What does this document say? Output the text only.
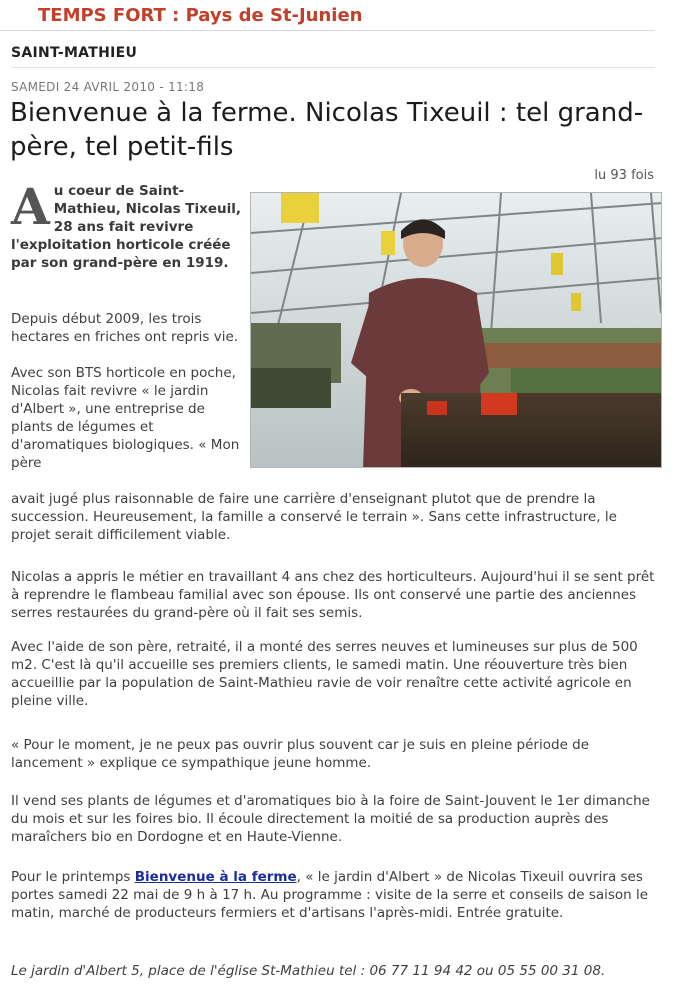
TEMPS FORT : Pays de St-Junien
SAINT-MATHIEU
SAMEDI 24 AVRIL 2010 - 11:18
Bienvenue à la ferme. Nicolas Tixeuil : tel grand-père, tel petit-fils
lu 93 fois
A u coeur de Saint-Mathieu, Nicolas Tixeuil, 28 ans fait revivre l'exploitation horticole créée par son grand-père en 1919.

Depuis début 2009, les trois hectares en friches ont repris vie.

Avec son BTS horticole en poche, Nicolas fait revivre « le jardin d'Albert », une entreprise de plants de légumes et d'aromatiques biologiques. « Mon père

avait jugé plus raisonnable de faire une carrière d'enseignant plutot que de prendre la succession. Heureusement, la famille a conservé le terrain ». Sans cette infrastructure, le projet serait difficilement viable.

Nicolas a appris le métier en travaillant 4 ans chez des horticulteurs. Aujourd'hui il se sent prêt à reprendre le flambeau familial avec son épouse. Ils ont conservé une partie des anciennes serres restaurées du grand-père où il fait ses semis.

Avec l'aide de son père, retraité, il a monté des serres neuves et lumineuses sur plus de 500 m2. C'est là qu'il accueille ses premiers clients, le samedi matin. Une réouverture très bien accueillie par la population de Saint-Mathieu ravie de voir renaître cette activité agricole en pleine ville.

« Pour le moment, je ne peux pas ouvrir plus souvent car je suis en pleine période de lancement » explique ce sympathique jeune homme.

Il vend ses plants de légumes et d'aromatiques bio à la foire de Saint-Jouvent le 1er dimanche du mois et sur les foires bio. Il écoule directement la moitié de sa production auprès des maraîchers bio en Dordogne et en Haute-Vienne.

Pour le printemps Bienvenue à la ferme, « le jardin d'Albert » de Nicolas Tixeuil ouvrira ses portes samedi 22 mai de 9 h à 17 h. Au programme : visite de la serre et conseils de saison le matin, marché de producteurs fermiers et d'artisans l'après-midi. Entrée gratuite.

Le jardin d'Albert 5, place de l'église St-Mathieu tel : 06 77 11 94 42 ou 05 55 00 31 08.
